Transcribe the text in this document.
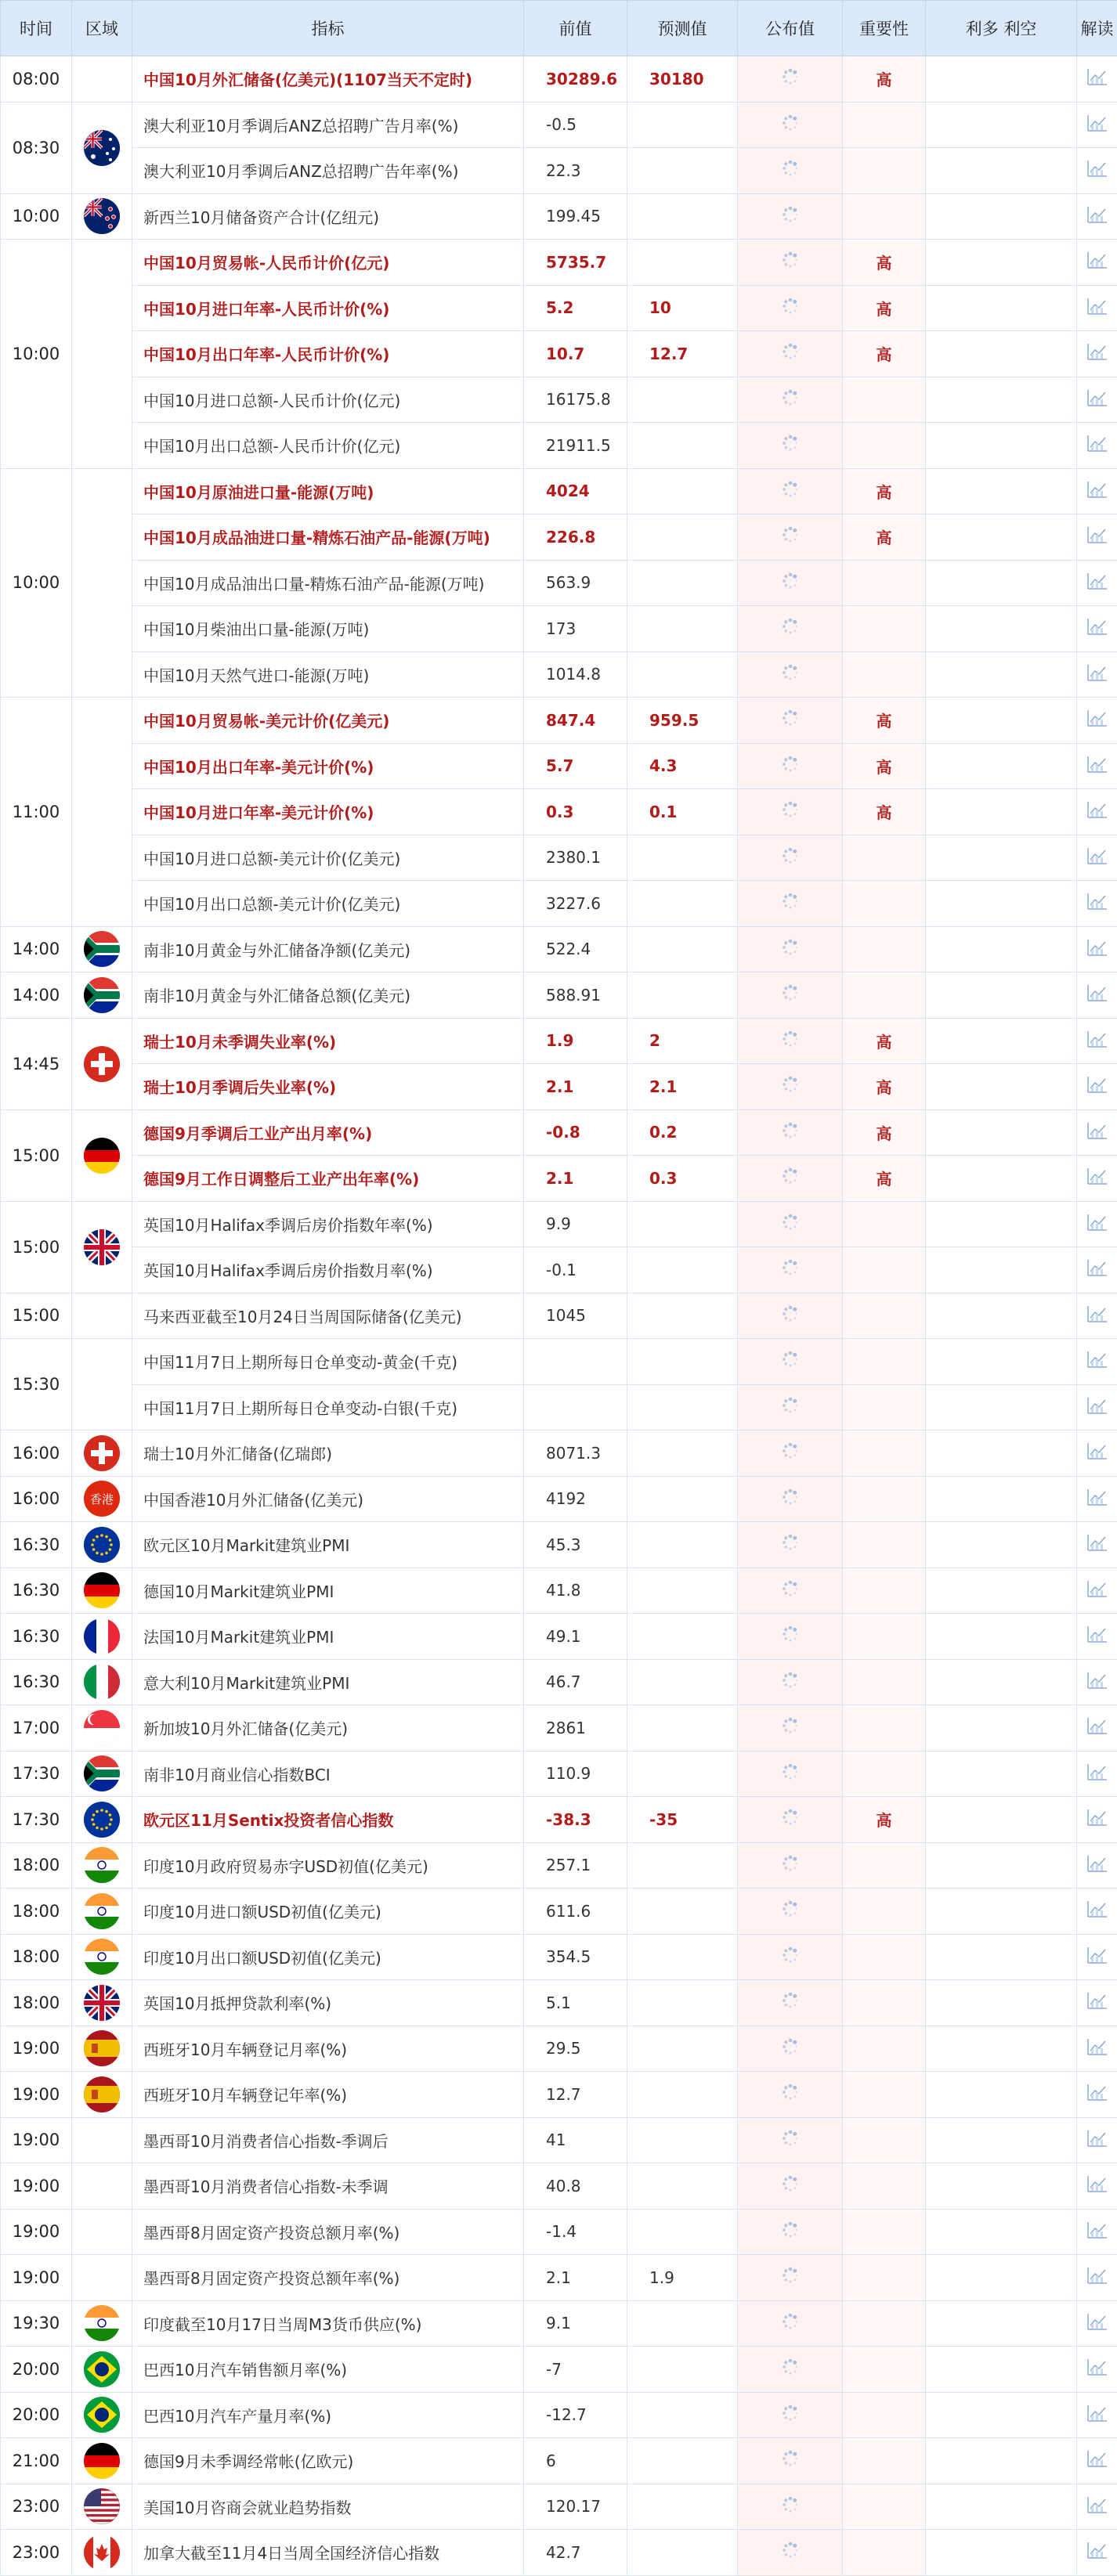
时间	区域	指标	前值	预测值	公布值	重要性	利多 利空	解读
08:00		中国10月外汇储备(亿美元)(1107当天不定时)	30289.6	30180		高		
08:30		澳大利亚10月季调后ANZ总招聘广告月率(%)	-0.5					
		澳大利亚10月季调后ANZ总招聘广告年率(%)	22.3					
10:00		新西兰10月储备资产合计(亿纽元)	199.45					
10:00		中国10月贸易帐-人民币计价(亿元)	5735.7			高		
		中国10月进口年率-人民币计价(%)	5.2	10		高		
		中国10月出口年率-人民币计价(%)	10.7	12.7		高		
		中国10月进口总额-人民币计价(亿元)	16175.8					
		中国10月出口总额-人民币计价(亿元)	21911.5					
10:00		中国10月原油进口量-能源(万吨)	4024			高		
		中国10月成品油进口量-精炼石油产品-能源(万吨)	226.8			高		
		中国10月成品油出口量-精炼石油产品-能源(万吨)	563.9					
		中国10月柴油出口量-能源(万吨)	173					
		中国10月天然气进口-能源(万吨)	1014.8					
11:00		中国10月贸易帐-美元计价(亿美元)	847.4	959.5		高		
		中国10月出口年率-美元计价(%)	5.7	4.3		高		
		中国10月进口年率-美元计价(%)	0.3	0.1		高		
		中国10月进口总额-美元计价(亿美元)	2380.1					
		中国10月出口总额-美元计价(亿美元)	3227.6					
14:00		南非10月黄金与外汇储备净额(亿美元)	522.4					
14:00		南非10月黄金与外汇储备总额(亿美元)	588.91					
14:45		瑞士10月未季调失业率(%)	1.9	2		高		
		瑞士10月季调后失业率(%)	2.1	2.1		高		
15:00		德国9月季调后工业产出月率(%)	-0.8	0.2		高		
		德国9月工作日调整后工业产出年率(%)	2.1	0.3		高		
15:00		英国10月Halifax季调后房价指数年率(%)	9.9					
		英国10月Halifax季调后房价指数月率(%)	-0.1					
15:00		马来西亚截至10月24日当周国际储备(亿美元)	1045					
15:30		中国11月7日上期所每日仓单变动-黄金(千克)						
		中国11月7日上期所每日仓单变动-白银(千克)						
16:00		瑞士10月外汇储备(亿瑞郎)	8071.3					
16:00	香港	中国香港10月外汇储备(亿美元)	4192					
16:30		欧元区10月Markit建筑业PMI	45.3					
16:30		德国10月Markit建筑业PMI	41.8					
16:30		法国10月Markit建筑业PMI	49.1					
16:30		意大利10月Markit建筑业PMI	46.7					
17:00		新加坡10月外汇储备(亿美元)	2861					
17:30		南非10月商业信心指数BCI	110.9					
17:30		欧元区11月Sentix投资者信心指数	-38.3	-35		高		
18:00		印度10月政府贸易赤字USD初值(亿美元)	257.1					
18:00		印度10月进口额USD初值(亿美元)	611.6					
18:00		印度10月出口额USD初值(亿美元)	354.5					
18:00		英国10月抵押贷款利率(%)	5.1					
19:00		西班牙10月车辆登记月率(%)	29.5					
19:00		西班牙10月车辆登记年率(%)	12.7					
19:00		墨西哥10月消费者信心指数-季调后	41					
19:00		墨西哥10月消费者信心指数-未季调	40.8					
19:00		墨西哥8月固定资产投资总额月率(%)	-1.4					
19:00		墨西哥8月固定资产投资总额年率(%)	2.1	1.9				
19:30		印度截至10月17日当周M3货币供应(%)	9.1					
20:00		巴西10月汽车销售额月率(%)	-7					
20:00		巴西10月汽车产量月率(%)	-12.7					
21:00		德国9月未季调经常帐(亿欧元)	6					
23:00		美国10月咨商会就业趋势指数	120.17					
23:00		加拿大截至11月4日当周全国经济信心指数	42.7					
